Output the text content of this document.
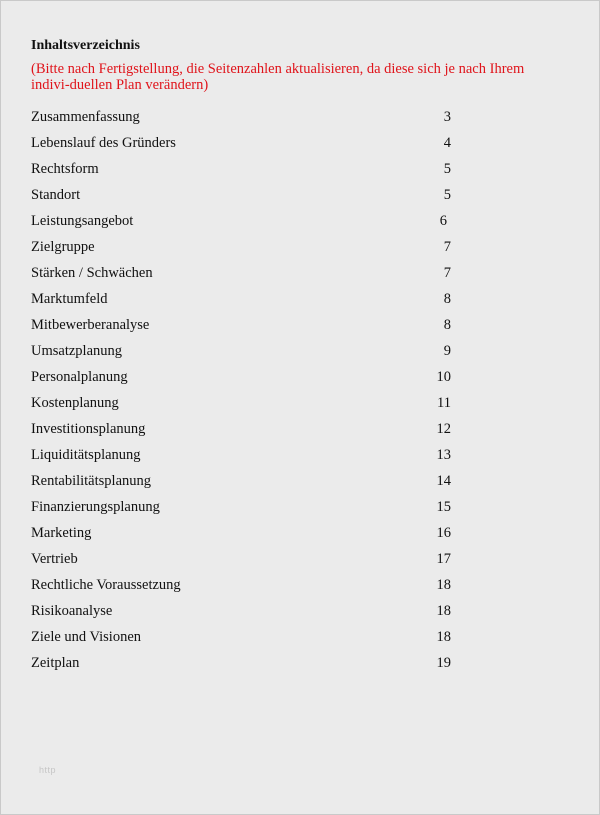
Inhaltsverzeichnis
(Bitte nach Fertigstellung, die Seitenzahlen aktualisieren, da diese sich je nach Ihrem indivi-duellen Plan verändern)
Zusammenfassung	3
Lebenslauf des Gründers	4
Rechtsform	5
Standort	5
Leistungsangebot	6
Zielgruppe	7
Stärken / Schwächen	7
Marktumfeld	8
Mitbewerberanalyse	8
Umsatzplanung	9
Personalplanung	10
Kostenplanung	11
Investitionsplanung	12
Liquiditätsplanung	13
Rentabilitätsplanung	14
Finanzierungsplanung	15
Marketing	16
Vertrieb	17
Rechtliche Voraussetzung	18
Risikoanalyse	18
Ziele und Visionen	18
Zeitplan	19
http
